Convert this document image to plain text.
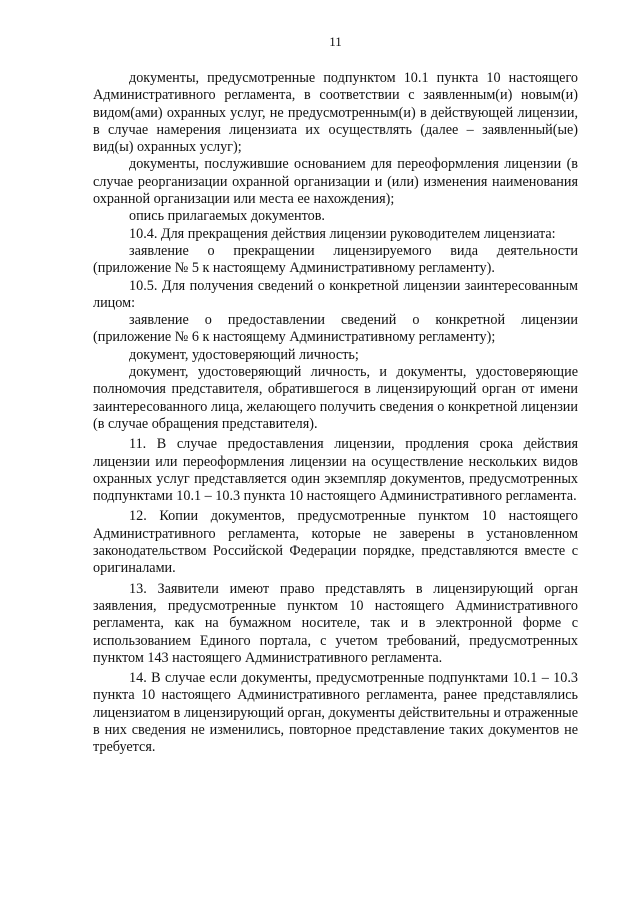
11

документы, предусмотренные подпунктом 10.1 пункта 10 настоящего Административного регламента, в соответствии с заявленным(и) новым(и) видом(ами) охранных услуг, не предусмотренным(и) в действующей лицензии, в случае намерения лицензиата их осуществлять (далее – заявленный(ые) вид(ы) охранных услуг);

документы, послужившие основанием для переоформления лицензии (в случае реорганизации охранной организации и (или) изменения наименования охранной организации или места ее нахождения);

опись прилагаемых документов.

10.4. Для прекращения действия лицензии руководителем лицензиата:

заявление о прекращении лицензируемого вида деятельности (приложение № 5 к настоящему Административному регламенту).

10.5. Для получения сведений о конкретной лицензии заинтересованным лицом:

заявление о предоставлении сведений о конкретной лицензии (приложение № 6 к настоящему Административному регламенту);

документ, удостоверяющий личность;

документ, удостоверяющий личность, и документы, удостоверяющие полномочия представителя, обратившегося в лицензирующий орган от имени заинтересованного лица, желающего получить сведения о конкретной лицензии (в случае обращения представителя).

11. В случае предоставления лицензии, продления срока действия лицензии или переоформления лицензии на осуществление нескольких видов охранных услуг представляется один экземпляр документов, предусмотренных подпунктами 10.1 – 10.3 пункта 10 настоящего Административного регламента.

12. Копии документов, предусмотренные пунктом 10 настоящего Административного регламента, которые не заверены в установленном законодательством Российской Федерации порядке, представляются вместе с оригиналами.

13. Заявители имеют право представлять в лицензирующий орган заявления, предусмотренные пунктом 10 настоящего Административного регламента, как на бумажном носителе, так и в электронной форме с использованием Единого портала, с учетом требований, предусмотренных пунктом 143 настоящего Административного регламента.

14. В случае если документы, предусмотренные подпунктами 10.1 – 10.3 пункта 10 настоящего Административного регламента, ранее представлялись лицензиатом в лицензирующий орган, документы действительны и отраженные в них сведения не изменились, повторное представление таких документов не требуется.
